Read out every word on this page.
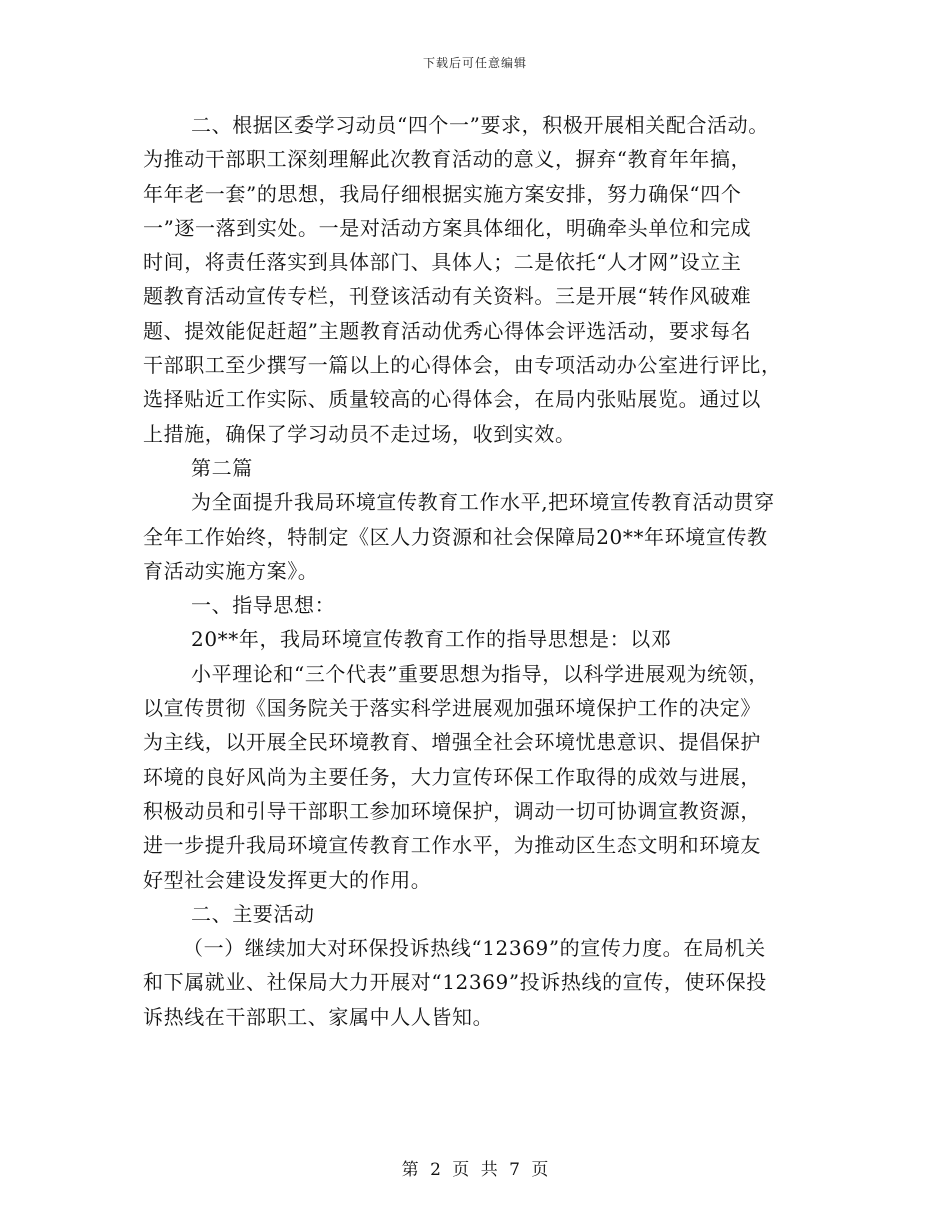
下载后可任意编辑
二、根据区委学习动员“四个一”要求，积极开展相关配合活动。
为推动干部职工深刻理解此次教育活动的意义，摒弃“教育年年搞，
年年老一套”的思想，我局仔细根据实施方案安排，努力确保“四个
一”逐一落到实处。一是对活动方案具体细化，明确牵头单位和完成
时间，将责任落实到具体部门、具体人；二是依托“人才网”设立主
题教育活动宣传专栏，刊登该活动有关资料。三是开展“转作风破难
题、提效能促赶超”主题教育活动优秀心得体会评选活动，要求每名
干部职工至少撰写一篇以上的心得体会，由专项活动办公室进行评比，
选择贴近工作实际、质量较高的心得体会，在局内张贴展览。通过以
上措施，确保了学习动员不走过场，收到实效。
第二篇
为全面提升我局环境宣传教育工作水平,把环境宣传教育活动贯穿
全年工作始终，特制定《区人力资源和社会保障局20**年环境宣传教
育活动实施方案》。
一、指导思想：
20**年，我局环境宣传教育工作的指导思想是：以邓
小平理论和“三个代表”重要思想为指导，以科学进展观为统领，
以宣传贯彻《国务院关于落实科学进展观加强环境保护工作的决定》
为主线，以开展全民环境教育、增强全社会环境忧患意识、提倡保护
环境的良好风尚为主要任务，大力宣传环保工作取得的成效与进展，
积极动员和引导干部职工参加环境保护，调动一切可协调宣教资源，
进一步提升我局环境宣传教育工作水平，为推动区生态文明和环境友
好型社会建设发挥更大的作用。
二、主要活动
（一）继续加大对环保投诉热线“12369”的宣传力度。在局机关
和下属就业、社保局大力开展对“12369”投诉热线的宣传，使环保投
诉热线在干部职工、家属中人人皆知。
第 2 页 共 7 页
